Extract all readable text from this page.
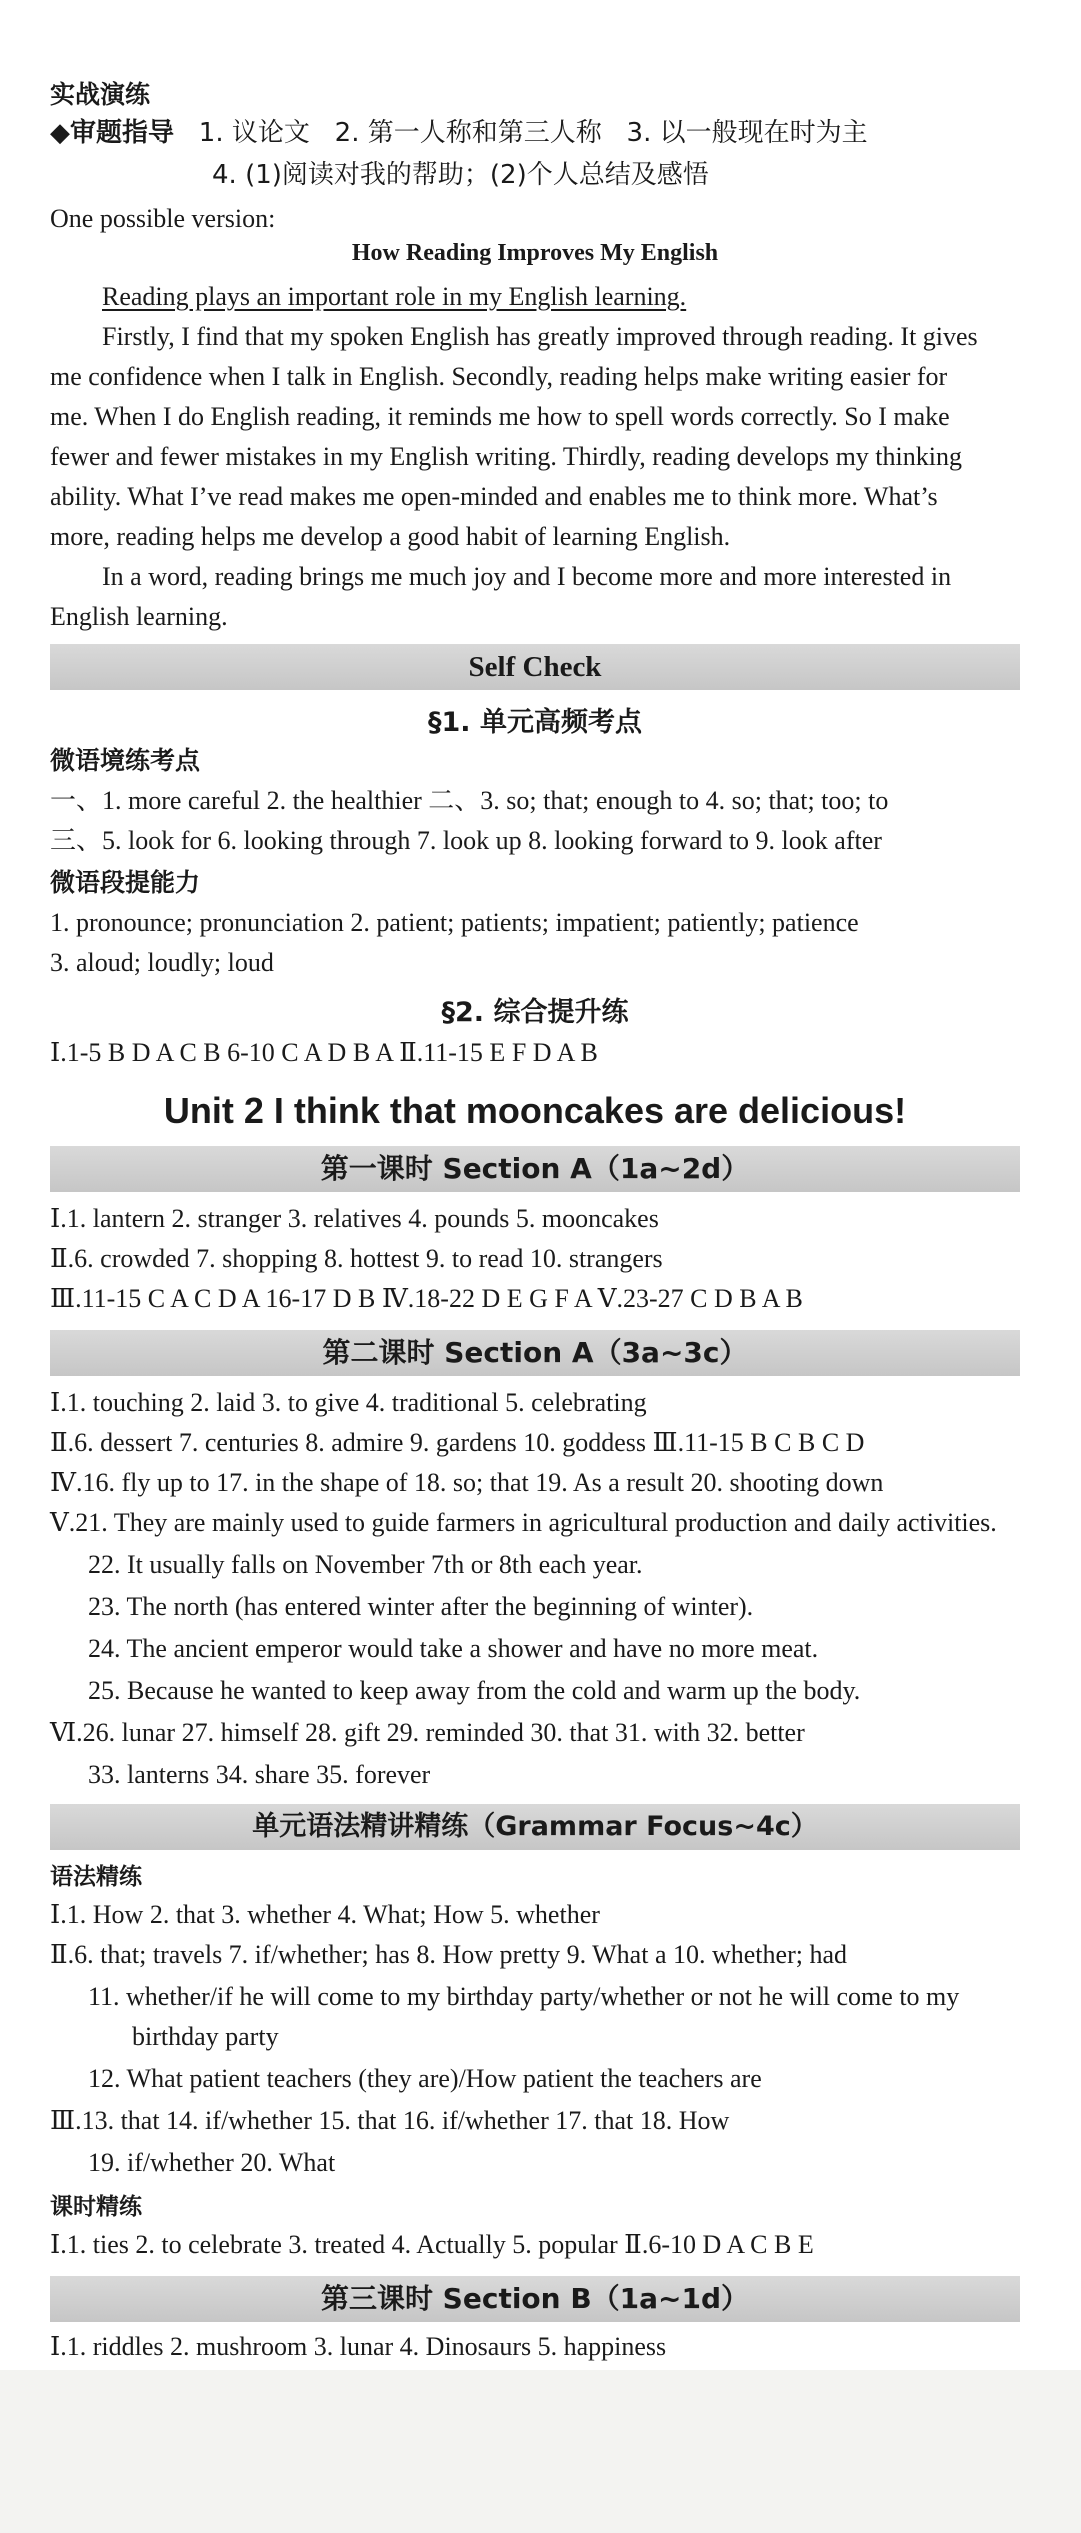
实战演练
◆审题指导 1. 议论文 2. 第一人称和第三人称 3. 以一般现在时为主
4. (1)阅读对我的帮助；(2)个人总结及感悟
One possible version:
How Reading Improves My English
Reading plays an important role in my English learning.
Firstly, I find that my spoken English has greatly improved through reading. It gives
me confidence when I talk in English. Secondly, reading helps make writing easier for
me. When I do English reading, it reminds me how to spell words correctly. So I make
fewer and fewer mistakes in my English writing. Thirdly, reading develops my thinking
ability. What I’ve read makes me open-minded and enables me to think more. What’s
more, reading helps me develop a good habit of learning English.
In a word, reading brings me much joy and I become more and more interested in
English learning.
Self Check
§1. 单元高频考点
微语境练考点
一、1. more careful 2. the healthier 二、3. so; that; enough to 4. so; that; too; to
三、5. look for 6. looking through 7. look up 8. looking forward to 9. look after
微语段提能力
1. pronounce; pronunciation 2. patient; patients; impatient; patiently; patience
3. aloud; loudly; loud
§2. 综合提升练
Ⅰ.1-5 B D A C B 6-10 C A D B A Ⅱ.11-15 E F D A B
Unit 2 I think that mooncakes are delicious!
第一课时 Section A（1a~2d）
Ⅰ.1. lantern 2. stranger 3. relatives 4. pounds 5. mooncakes
Ⅱ.6. crowded 7. shopping 8. hottest 9. to read 10. strangers
Ⅲ.11-15 C A C D A 16-17 D B Ⅳ.18-22 D E G F A Ⅴ.23-27 C D B A B
第二课时 Section A（3a~3c）
Ⅰ.1. touching 2. laid 3. to give 4. traditional 5. celebrating
Ⅱ.6. dessert 7. centuries 8. admire 9. gardens 10. goddess Ⅲ.11-15 B C B C D
Ⅳ.16. fly up to 17. in the shape of 18. so; that 19. As a result 20. shooting down
Ⅴ.21. They are mainly used to guide farmers in agricultural production and daily activities.
22. It usually falls on November 7th or 8th each year.
23. The north (has entered winter after the beginning of winter).
24. The ancient emperor would take a shower and have no more meat.
25. Because he wanted to keep away from the cold and warm up the body.
Ⅵ.26. lunar 27. himself 28. gift 29. reminded 30. that 31. with 32. better
33. lanterns 34. share 35. forever
单元语法精讲精练（Grammar Focus~4c）
语法精练
Ⅰ.1. How 2. that 3. whether 4. What; How 5. whether
Ⅱ.6. that; travels 7. if/whether; has 8. How pretty 9. What a 10. whether; had
11. whether/if he will come to my birthday party/whether or not he will come to my
birthday party
12. What patient teachers (they are)/How patient the teachers are
Ⅲ.13. that 14. if/whether 15. that 16. if/whether 17. that 18. How
19. if/whether 20. What
课时精练
Ⅰ.1. ties 2. to celebrate 3. treated 4. Actually 5. popular Ⅱ.6-10 D A C B E
第三课时 Section B（1a~1d）
Ⅰ.1. riddles 2. mushroom 3. lunar 4. Dinosaurs 5. happiness
